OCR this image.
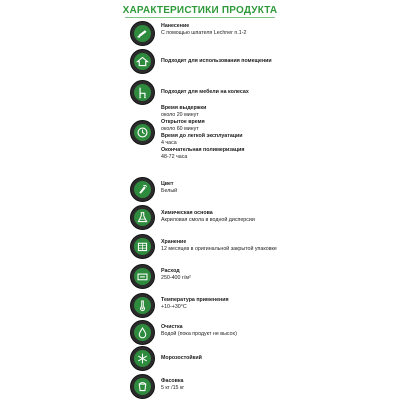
ХАРАКТЕРИСТИКИ ПРОДУКТА
Нанесение
С помощью шпателя Lechner n.1-2
Подходит для использования помещении
Подходит для мебели на колесах
Время выдержки
около 20 минут
Открытое время
около 60 минут
Время до легкой эксплуатации
4 часа
Окончательная полимеризация
48-72 часа
Цвет
Белый
Химическая основа
Акриловая смола в водной дисперсии
Хранение
12 месяцев в оригинальной закрытой упаковке
Расход
250-400 г/м²
Температура применения
+10-+30°C
Очистка
Водой (пока продукт не высох)
Морозостойкий
Фасовка
5 кг /15 кг
